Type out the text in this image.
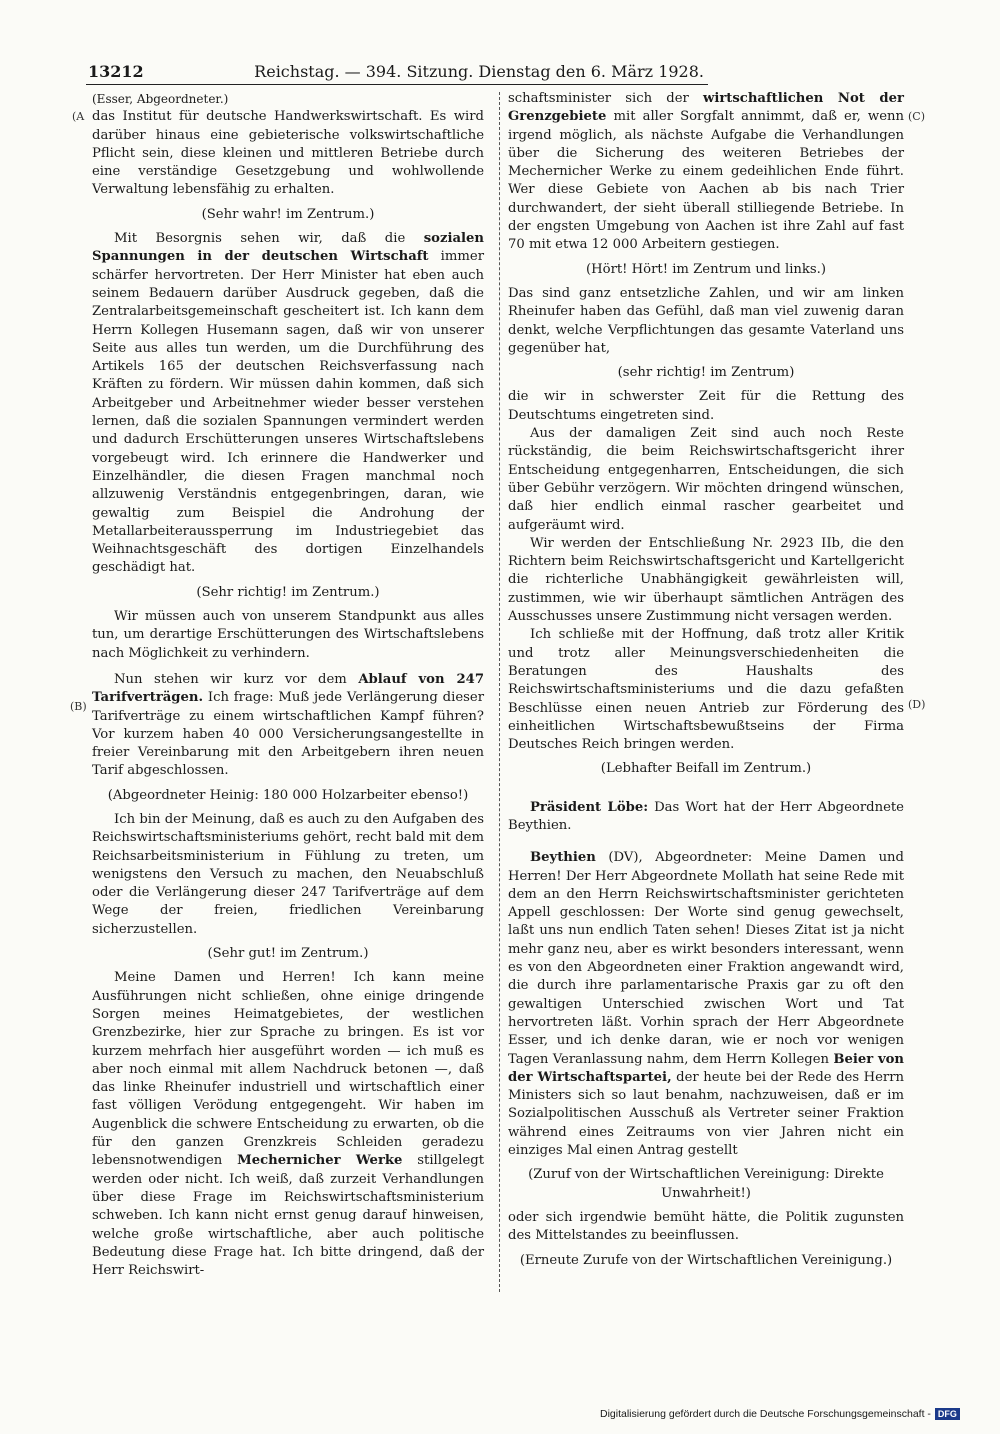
13212	Reichstag. — 394. Sitzung. Dienstag den 6. März 1928.
(A
(B)
(C)
(D)

(Esser, Abgeordneter.)

das Institut für deutsche Handwerkswirtschaft. Es wird darüber hinaus eine gebieterische volkswirtschaftliche Pflicht sein, diese kleinen und mittleren Betriebe durch eine verständige Gesetzgebung und wohlwollende Verwaltung lebensfähig zu erhalten.

(Sehr wahr! im Zentrum.)

Mit Besorgnis sehen wir, daß die sozialen Spannungen in der deutschen Wirtschaft immer schärfer hervortreten. Der Herr Minister hat eben auch seinem Bedauern darüber Ausdruck gegeben, daß die Zentralarbeitsgemeinschaft gescheitert ist. Ich kann dem Herrn Kollegen Husemann sagen, daß wir von unserer Seite aus alles tun werden, um die Durchführung des Artikels 165 der deutschen Reichsverfassung nach Kräften zu fördern. Wir müssen dahin kommen, daß sich Arbeitgeber und Arbeitnehmer wieder besser verstehen lernen, daß die sozialen Spannungen vermindert werden und dadurch Erschütterungen unseres Wirtschaftslebens vorgebeugt wird. Ich erinnere die Handwerker und Einzelhändler, die diesen Fragen manchmal noch allzuwenig Verständnis entgegenbringen, daran, wie gewaltig zum Beispiel die Androhung der Metallarbeiteraussperrung im Industriegebiet das Weihnachtsgeschäft des dortigen Einzelhandels geschädigt hat.

(Sehr richtig! im Zentrum.)

Wir müssen auch von unserem Standpunkt aus alles tun, um derartige Erschütterungen des Wirtschaftslebens nach Möglichkeit zu verhindern.

Nun stehen wir kurz vor dem Ablauf von 247 Tarifverträgen. Ich frage: Muß jede Verlängerung dieser Tarifverträge zu einem wirtschaftlichen Kampf führen? Vor kurzem haben 40 000 Versicherungsangestellte in freier Vereinbarung mit den Arbeitgebern ihren neuen Tarif abgeschlossen.

(Abgeordneter Heinig: 180 000 Holzarbeiter ebenso!)

Ich bin der Meinung, daß es auch zu den Aufgaben des Reichswirtschaftsministeriums gehört, recht bald mit dem Reichsarbeitsministerium in Fühlung zu treten, um wenigstens den Versuch zu machen, den Neuabschluß oder die Verlängerung dieser 247 Tarifverträge auf dem Wege der freien, friedlichen Vereinbarung sicherzustellen.

(Sehr gut! im Zentrum.)

Meine Damen und Herren! Ich kann meine Ausführungen nicht schließen, ohne einige dringende Sorgen meines Heimatgebietes, der westlichen Grenzbezirke, hier zur Sprache zu bringen. Es ist vor kurzem mehrfach hier ausgeführt worden — ich muß es aber noch einmal mit allem Nachdruck betonen —, daß das linke Rheinufer industriell und wirtschaftlich einer fast völligen Verödung entgegengeht. Wir haben im Augenblick die schwere Entscheidung zu erwarten, ob die für den ganzen Grenzkreis Schleiden geradezu lebensnotwendigen Mechernicher Werke stillgelegt werden oder nicht. Ich weiß, daß zurzeit Verhandlungen über diese Frage im Reichswirtschaftsministerium schweben. Ich kann nicht ernst genug darauf hinweisen, welche große wirtschaftliche, aber auch politische Bedeutung diese Frage hat. Ich bitte dringend, daß der Herr Reichswirt-

schaftsminister sich der wirtschaftlichen Not der Grenzgebiete mit aller Sorgfalt annimmt, daß er, wenn irgend möglich, als nächste Aufgabe die Verhandlungen über die Sicherung des weiteren Betriebes der Mechernicher Werke zu einem gedeihlichen Ende führt. Wer diese Gebiete von Aachen ab bis nach Trier durchwandert, der sieht überall stilliegende Betriebe. In der engsten Umgebung von Aachen ist ihre Zahl auf fast 70 mit etwa 12 000 Arbeitern gestiegen.

(Hört! Hört! im Zentrum und links.)

Das sind ganz entsetzliche Zahlen, und wir am linken Rheinufer haben das Gefühl, daß man viel zuwenig daran denkt, welche Verpflichtungen das gesamte Vaterland uns gegenüber hat,

(sehr richtig! im Zentrum)

die wir in schwerster Zeit für die Rettung des Deutschtums eingetreten sind.

Aus der damaligen Zeit sind auch noch Reste rückständig, die beim Reichswirtschaftsgericht ihrer Entscheidung entgegenharren, Entscheidungen, die sich über Gebühr verzögern. Wir möchten dringend wünschen, daß hier endlich einmal rascher gearbeitet und aufgeräumt wird.

Wir werden der Entschließung Nr. 2923 IIb, die den Richtern beim Reichswirtschaftsgericht und Kartellgericht die richterliche Unabhängigkeit gewährleisten will, zustimmen, wie wir überhaupt sämtlichen Anträgen des Ausschusses unsere Zustimmung nicht versagen werden.

Ich schließe mit der Hoffnung, daß trotz aller Kritik und trotz aller Meinungsverschiedenheiten die Beratungen des Haushalts des Reichswirtschaftsministeriums und die dazu gefaßten Beschlüsse einen neuen Antrieb zur Förderung des einheitlichen Wirtschaftsbewußtseins der Firma Deutsches Reich bringen werden.

(Lebhafter Beifall im Zentrum.)

Präsident Löbe: Das Wort hat der Herr Abgeordnete Beythien.

Beythien (DV), Abgeordneter: Meine Damen und Herren! Der Herr Abgeordnete Mollath hat seine Rede mit dem an den Herrn Reichswirtschaftsminister gerichteten Appell geschlossen: Der Worte sind genug gewechselt, laßt uns nun endlich Taten sehen! Dieses Zitat ist ja nicht mehr ganz neu, aber es wirkt besonders interessant, wenn es von den Abgeordneten einer Fraktion angewandt wird, die durch ihre parlamentarische Praxis gar zu oft den gewaltigen Unterschied zwischen Wort und Tat hervortreten läßt. Vorhin sprach der Herr Abgeordnete Esser, und ich denke daran, wie er noch vor wenigen Tagen Veranlassung nahm, dem Herrn Kollegen Beier von der Wirtschaftspartei, der heute bei der Rede des Herrn Ministers sich so laut benahm, nachzuweisen, daß er im Sozialpolitischen Ausschuß als Vertreter seiner Fraktion während eines Zeitraums von vier Jahren nicht ein einziges Mal einen Antrag gestellt

(Zuruf von der Wirtschaftlichen Vereinigung: Direkte Unwahrheit!)

oder sich irgendwie bemüht hätte, die Politik zugunsten des Mittelstandes zu beeinflussen.

(Erneute Zurufe von der Wirtschaftlichen Vereinigung.)

Digitalisierung gefördert durch die Deutsche Forschungsgemeinschaft - DFG
